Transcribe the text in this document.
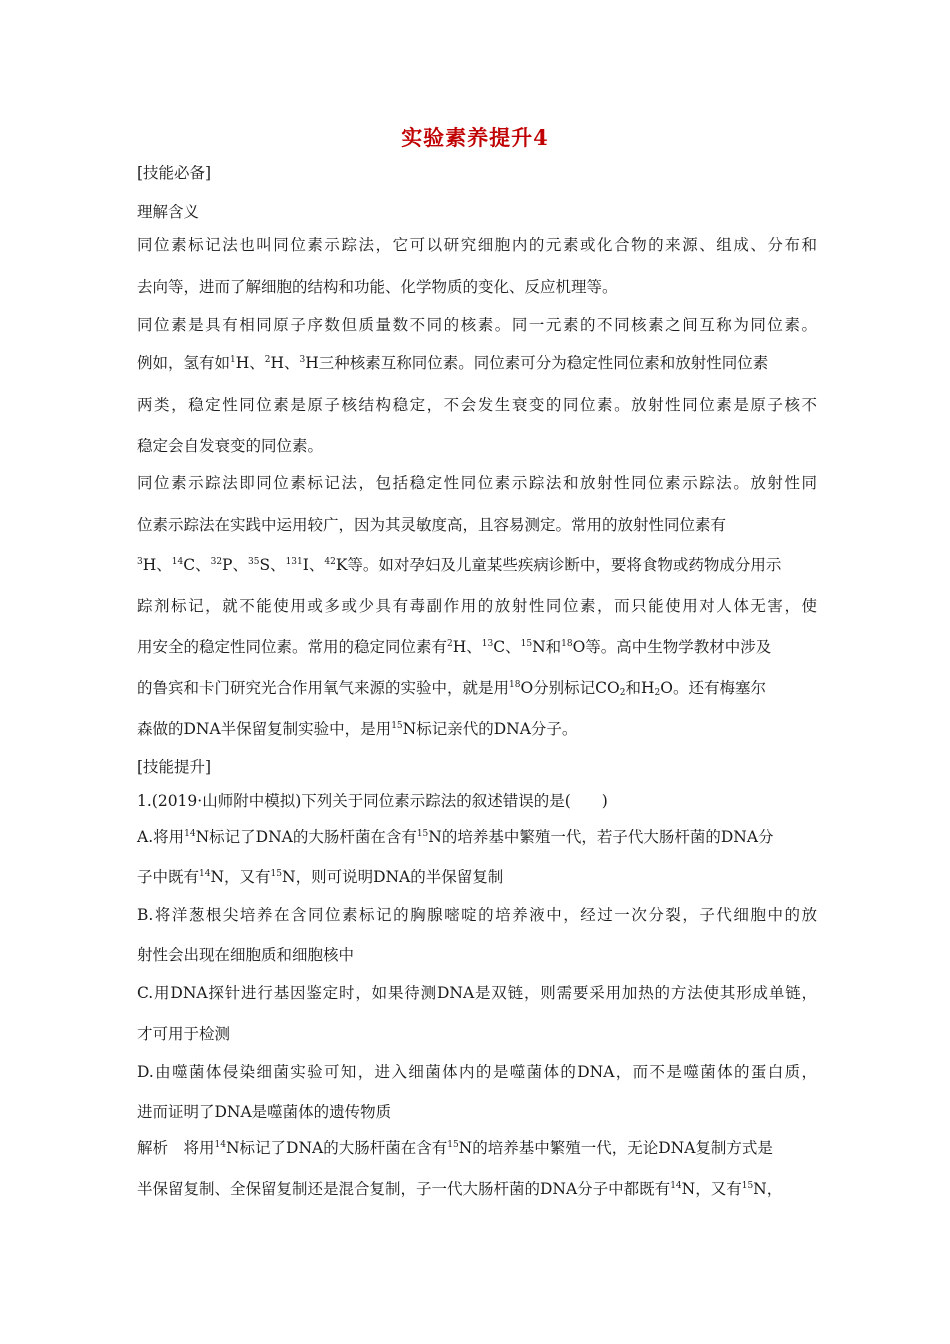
实验素养提升4
[技能必备]
理解含义
同位素标记法也叫同位素示踪法，它可以研究细胞内的元素或化合物的来源、组成、分布和
去向等，进而了解细胞的结构和功能、化学物质的变化、反应机理等。
同位素是具有相同原子序数但质量数不同的核素。同一元素的不同核素之间互称为同位素。
例如，氢有如$^1$H、$^2$H、$^3$H三种核素互称同位素。同位素可分为稳定性同位素和放射性同位素
两类，稳定性同位素是原子核结构稳定，不会发生衰变的同位素。放射性同位素是原子核不
稳定会自发衰变的同位素。
同位素示踪法即同位素标记法，包括稳定性同位素示踪法和放射性同位素示踪法。放射性同
位素示踪法在实践中运用较广，因为其灵敏度高，且容易测定。常用的放射性同位素有
$^3$H、$^{14}$C、$^{32}$P、$^{35}$S、$^{131}$I、$^{42}$K等。如对孕妇及儿童某些疾病诊断中，要将食物或药物成分用示
踪剂标记，就不能使用或多或少具有毒副作用的放射性同位素，而只能使用对人体无害，使
用安全的稳定性同位素。常用的稳定同位素有$^2$H、$^{13}$C、$^{15}$N和$^{18}$O等。高中生物学教材中涉及
的鲁宾和卡门研究光合作用氧气来源的实验中，就是用$^{18}$O分别标记$CO_2$和$H_2O$。还有梅塞尔
森做的DNA半保留复制实验中，是用$^{15}$N标记亲代的DNA分子。
[技能提升]
1.(2019·山师附中模拟)下列关于同位素示踪法的叙述错误的是(　　)
A.将用$^{14}$N标记了DNA的大肠杆菌在含有$^{15}$N的培养基中繁殖一代，若子代大肠杆菌的DNA分
子中既有$^{14}$N，又有$^{15}$N，则可说明DNA的半保留复制
B.将洋葱根尖培养在含同位素标记的胸腺嘧啶的培养液中，经过一次分裂，子代细胞中的放
射性会出现在细胞质和细胞核中
C.用DNA探针进行基因鉴定时，如果待测DNA是双链，则需要采用加热的方法使其形成单链，
才可用于检测
D.由噬菌体侵染细菌实验可知，进入细菌体内的是噬菌体的DNA，而不是噬菌体的蛋白质，
进而证明了DNA是噬菌体的遗传物质
解析　将用$^{14}$N标记了DNA的大肠杆菌在含有$^{15}$N的培养基中繁殖一代，无论DNA复制方式是
半保留复制、全保留复制还是混合复制，子一代大肠杆菌的DNA分子中都既有$^{14}$N，又有$^{15}$N，
